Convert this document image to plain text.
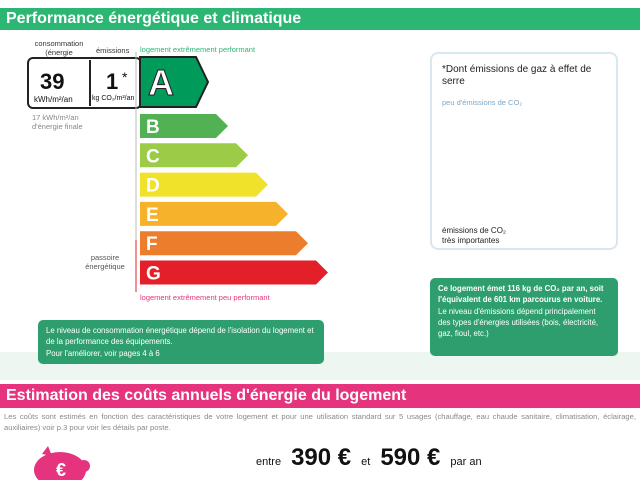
Performance énergétique et climatique
consommation
(énergie	émissions logement extrêmement performant
39
kWh/m²/an
1 *
kg CO₂/m²/an
17 kWh/m²/an
d'énergie finale
passoire
énergétique
A
B
C
D
E
F
G
logement extrêmement peu performant
*Dont émissions de gaz à effet de serre
peu d'émissions de CO₂
émissions de CO₂
très importantes
Le niveau de consommation énergétique dépend de l'isolation du logement et de la performance des équipements.
Pour l'améliorer, voir pages 4 à 6
Ce logement émet 116 kg de CO₂ par an, soit l'équivalent de 601 km parcourus en voiture.
Le niveau d'émissions dépend principalement des types d'énergies utilisées (bois, électricité, gaz, fioul, etc.)
Estimation des coûts annuels d'énergie du logement
Les coûts sont estimés en fonction des caractéristiques de votre logement et pour une utilisation standard sur 5 usages (chauffage, eau chaude sanitaire, climatisation, éclairage, auxiliaires) voir p.3 pour voir les détails par poste.
€	entre 390 € et 590 € par an
